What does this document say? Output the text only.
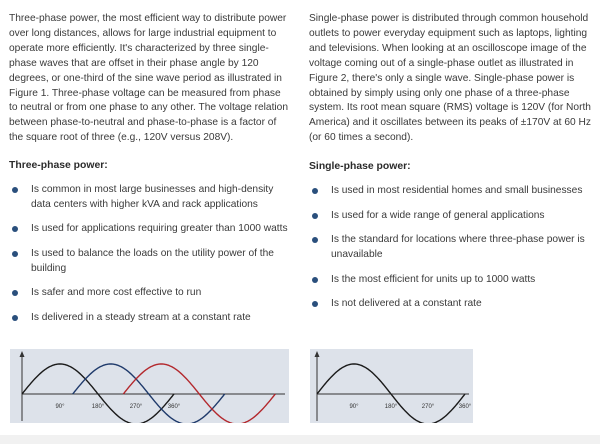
Three-phase power, the most efficient way to distribute power over long distances, allows for large industrial equipment to operate more efficiently. It's characterized by three single-phase waves that are offset in their phase angle by 120 degrees, or one-third of the sine wave period as illustrated in Figure 1. Three-phase voltage can be measured from phase to neutral or from one phase to any other. The voltage relation between phase-to-neutral and phase-to-phase is a factor of the square root of three (e.g., 120V versus 208V).

Three-phase power:

Is common in most large businesses and high-density data centers with higher kVA and rack applications
Is used for applications requiring greater than 1000 watts
Is used to balance the loads on the utility power of the building
Is safer and more cost effective to run
Is delivered in a steady stream at a constant rate

Single-phase power is distributed through common household outlets to power everyday equipment such as laptops, lighting and televisions. When looking at an oscilloscope image of the voltage coming out of a single-phase outlet as illustrated in Figure 2, there's only a single wave. Single-phase power is obtained by simply using only one phase of a three-phase system. Its root mean square (RMS) voltage is 120V (for North America) and it oscillates between its peaks of ±170V at 60 Hz (or 60 times a second).

Single-phase power:

Is used in most residential homes and small businesses
Is used for a wide range of general applications
Is the standard for locations where three-phase power is unavailable
Is the most efficient for units up to 1000 watts
Is not delivered at a constant rate
90°	180°	270°	360°	90°	180°	270°	360°
